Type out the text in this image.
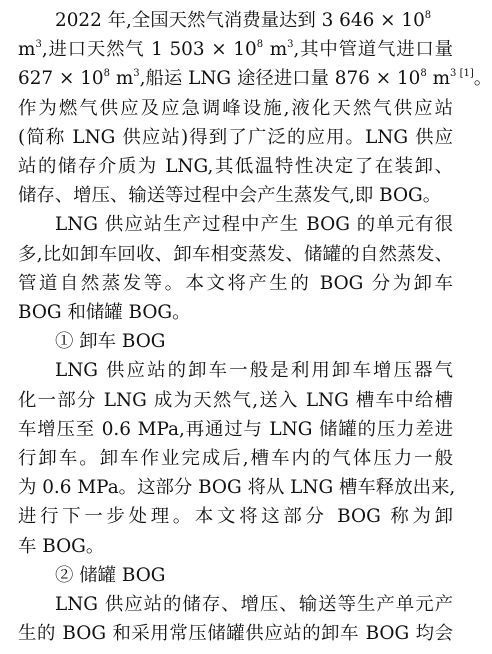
2022 年,全国天然气消费量达到 3 $646 \times 10^8$
$m^3$,进口天然气 1 $503 \times 10^8$ $m^3$,其中管道气进口量
$627 \times 10^8$ $m^3$,船运 LNG 途径进口量 $876 \times 10^8$ $m^{3 [1]}$。
作为燃气供应及应急调峰设施,液化天然气供应站
(简称 LNG 供应站)得到了广泛的应用。LNG 供应
站的储存介质为 LNG,其低温特性决定了在装卸、
储存、增压、输送等过程中会产生蒸发气,即 BOG。
LNG 供应站生产过程中产生 BOG 的单元有很
多,比如卸车回收、卸车相变蒸发、储罐的自然蒸发、
管道自然蒸发等。本文将产生的 BOG 分为卸车
BOG 和储罐 BOG。
① 卸车 BOG
LNG 供应站的卸车一般是利用卸车增压器气
化一部分 LNG 成为天然气,送入 LNG 槽车中给槽
车增压至 0.6 MPa,再通过与 LNG 储罐的压力差进
行卸车。卸车作业完成后,槽车内的气体压力一般
为 0.6 MPa。这部分 BOG 将从 LNG 槽车释放出来,
进行下一步处理。本文将这部分 BOG 称为卸
车 BOG。
② 储罐 BOG
LNG 供应站的储存、增压、输送等生产单元产
生的 BOG 和采用常压储罐供应站的卸车 BOG 均会
